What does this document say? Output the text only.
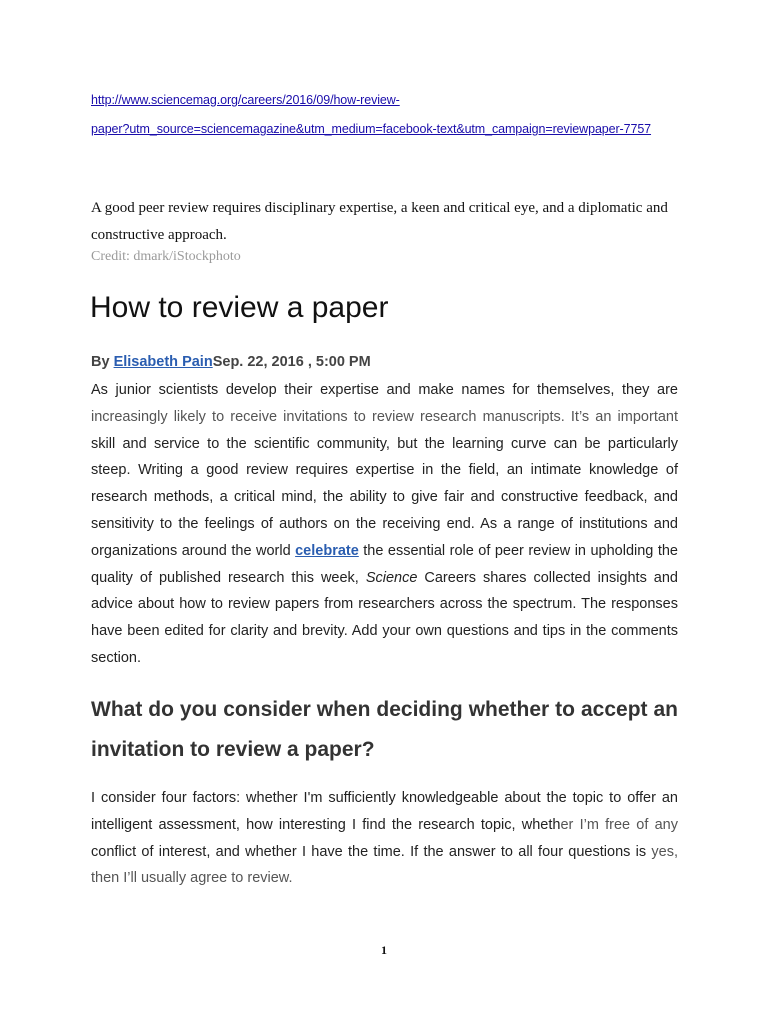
http://www.sciencemag.org/careers/2016/09/how-review-
paper?utm_source=sciencemagazine&utm_medium=facebook-text&utm_campaign=reviewpaper-7757
A good peer review requires disciplinary expertise, a keen and critical eye, and a diplomatic and constructive approach.
Credit: dmark/iStockphoto
How to review a paper
By Elisabeth PainSep. 22, 2016 , 5:00 PM

As junior scientists develop their expertise and make names for themselves, they are increasingly likely to receive invitations to review research manuscripts. It’s an important skill and service to the scientific community, but the learning curve can be particularly steep. Writing a good review requires expertise in the field, an intimate knowledge of research methods, a critical mind, the ability to give fair and constructive feedback, and sensitivity to the feelings of authors on the receiving end. As a range of institutions and organizations around the world celebrate the essential role of peer review in upholding the quality of published research this week, Science Careers shares collected insights and advice about how to review papers from researchers across the spectrum. The responses have been edited for clarity and brevity. Add your own questions and tips in the comments section.

What do you consider when deciding whether to accept an invitation to review a paper?

I consider four factors: whether I'm sufficiently knowledgeable about the topic to offer an intelligent assessment, how interesting I find the research topic, whether I’m free of any conflict of interest, and whether I have the time. If the answer to all four questions is yes, then I’ll usually agree to review.

1
